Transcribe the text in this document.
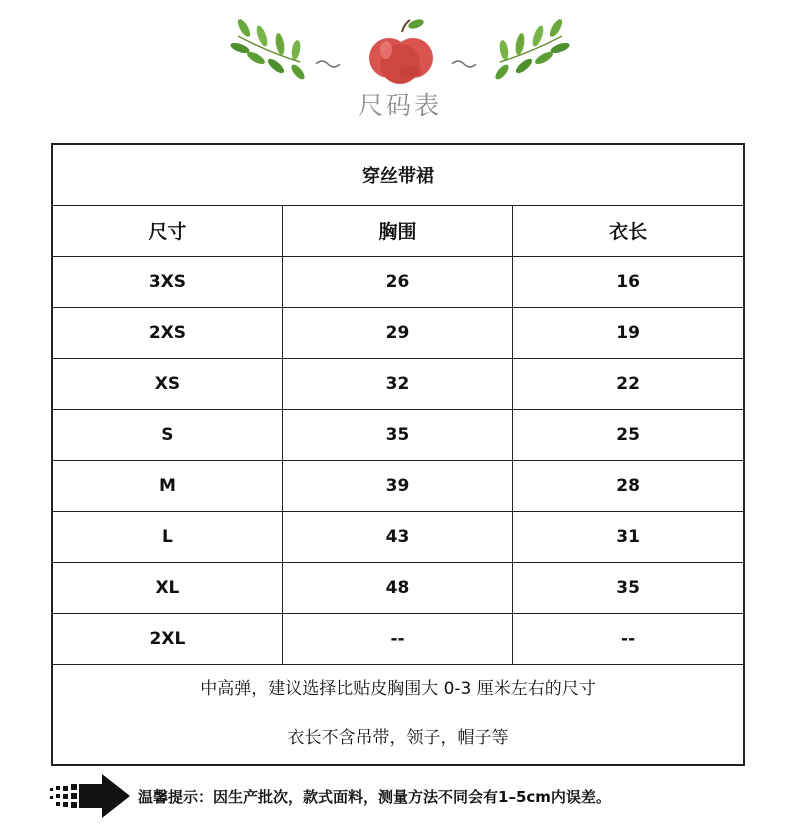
尺码表
穿丝带裙		
尺寸	胸围	衣长
3XS	26	16
2XS	29	19
XS	32	22
S	35	25
M	39	28
L	43	31
XL	48	35
2XL	--	--

中高弹，建议选择比贴皮胸围大 0-3 厘米左右的尺寸
衣长不含吊带，领子，帽子等		
温馨提示：因生产批次，款式面料，测量方法不同会有1–5cm内误差。
